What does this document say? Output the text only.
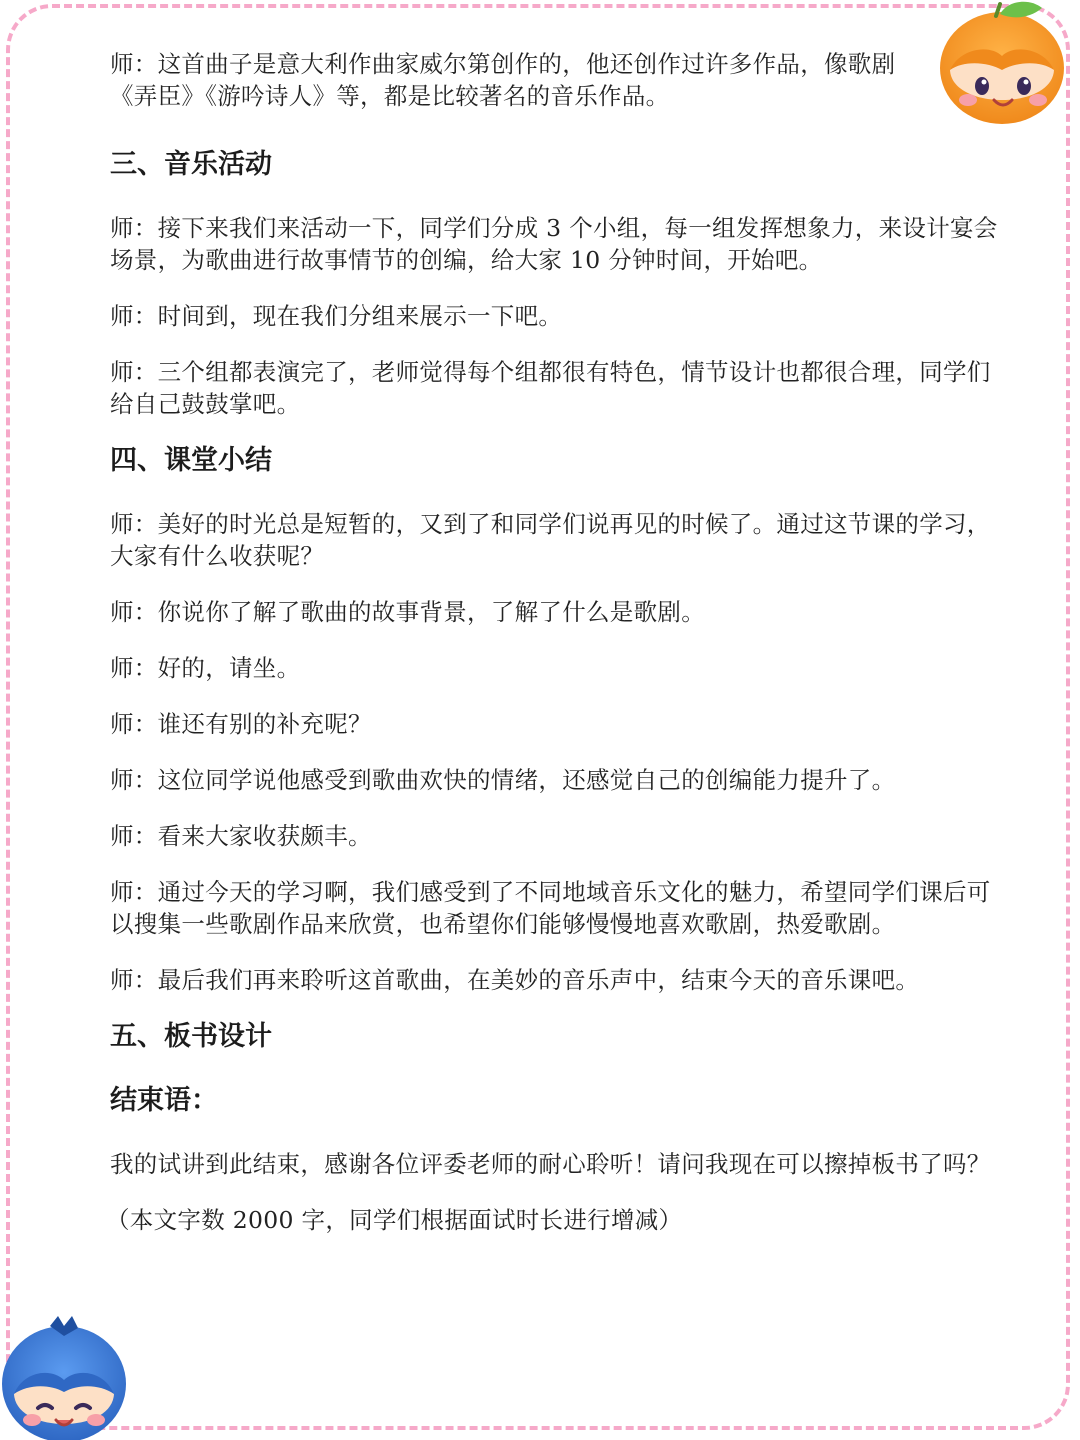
师：这首曲子是意大利作曲家威尔第创作的，他还创作过许多作品，像歌剧《弄臣》《游吟诗人》等，都是比较著名的音乐作品。

三、音乐活动

师：接下来我们来活动一下，同学们分成 3 个小组，每一组发挥想象力，来设计宴会场景，为歌曲进行故事情节的创编，给大家 10 分钟时间，开始吧。

师：时间到，现在我们分组来展示一下吧。

师：三个组都表演完了，老师觉得每个组都很有特色，情节设计也都很合理，同学们给自己鼓鼓掌吧。

四、课堂小结

师：美好的时光总是短暂的，又到了和同学们说再见的时候了。通过这节课的学习，大家有什么收获呢？

师：你说你了解了歌曲的故事背景，了解了什么是歌剧。

师：好的，请坐。

师：谁还有别的补充呢？

师：这位同学说他感受到歌曲欢快的情绪，还感觉自己的创编能力提升了。

师：看来大家收获颇丰。

师：通过今天的学习啊，我们感受到了不同地域音乐文化的魅力，希望同学们课后可以搜集一些歌剧作品来欣赏，也希望你们能够慢慢地喜欢歌剧，热爱歌剧。

师：最后我们再来聆听这首歌曲，在美妙的音乐声中，结束今天的音乐课吧。

五、板书设计
结束语：

我的试讲到此结束，感谢各位评委老师的耐心聆听！请问我现在可以擦掉板书了吗？

（本文字数 2000 字，同学们根据面试时长进行增减）
